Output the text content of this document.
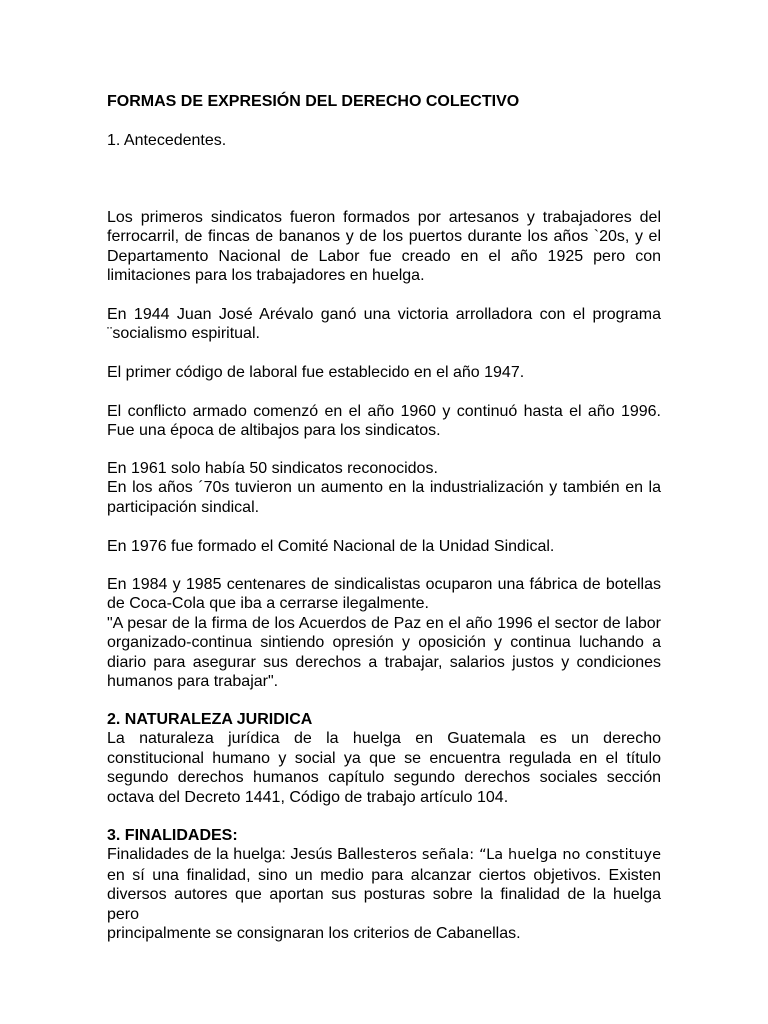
FORMAS DE EXPRESIÓN DEL DERECHO COLECTIVO

1. Antecedentes.

Los primeros sindicatos fueron formados por artesanos y trabajadores del
ferrocarril, de fincas de bananos y de los puertos durante los años `20s, y el
Departamento Nacional de Labor fue creado en el año 1925 pero con
limitaciones para los trabajadores en huelga.

En 1944 Juan José Arévalo ganó una victoria arrolladora con el programa
¨socialismo espiritual.

El primer código de laboral fue establecido en el año 1947.

El conflicto armado comenzó en el año 1960 y continuó hasta el año 1996.
Fue una época de altibajos para los sindicatos.

En 1961 solo había 50 sindicatos reconocidos.
En los años ´70s tuvieron un aumento en la industrialización y también en la
participación sindical.

En 1976 fue formado el Comité Nacional de la Unidad Sindical.

En 1984 y 1985 centenares de sindicalistas ocuparon una fábrica de botellas
de Coca-Cola que iba a cerrarse ilegalmente.
"A pesar de la firma de los Acuerdos de Paz en el año 1996 el sector de labor
organizado-continua sintiendo opresión y oposición y continua luchando a
diario para asegurar sus derechos a trabajar, salarios justos y condiciones
humanos para trabajar".

2. NATURALEZA JURIDICA
La naturaleza jurídica de la huelga en Guatemala es un derecho
constitucional humano y social ya que se encuentra regulada en el título
segundo derechos humanos capítulo segundo derechos sociales sección
octava del Decreto 1441, Código de trabajo artículo 104.

3. FINALIDADES:
Finalidades de la huelga: Jesús Ballesteros señala: “La huelga no constituye
en sí una finalidad, sino un medio para alcanzar ciertos objetivos. Existen
diversos autores que aportan sus posturas sobre la finalidad de la huelga pero
principalmente se consignaran los criterios de Cabanellas.
